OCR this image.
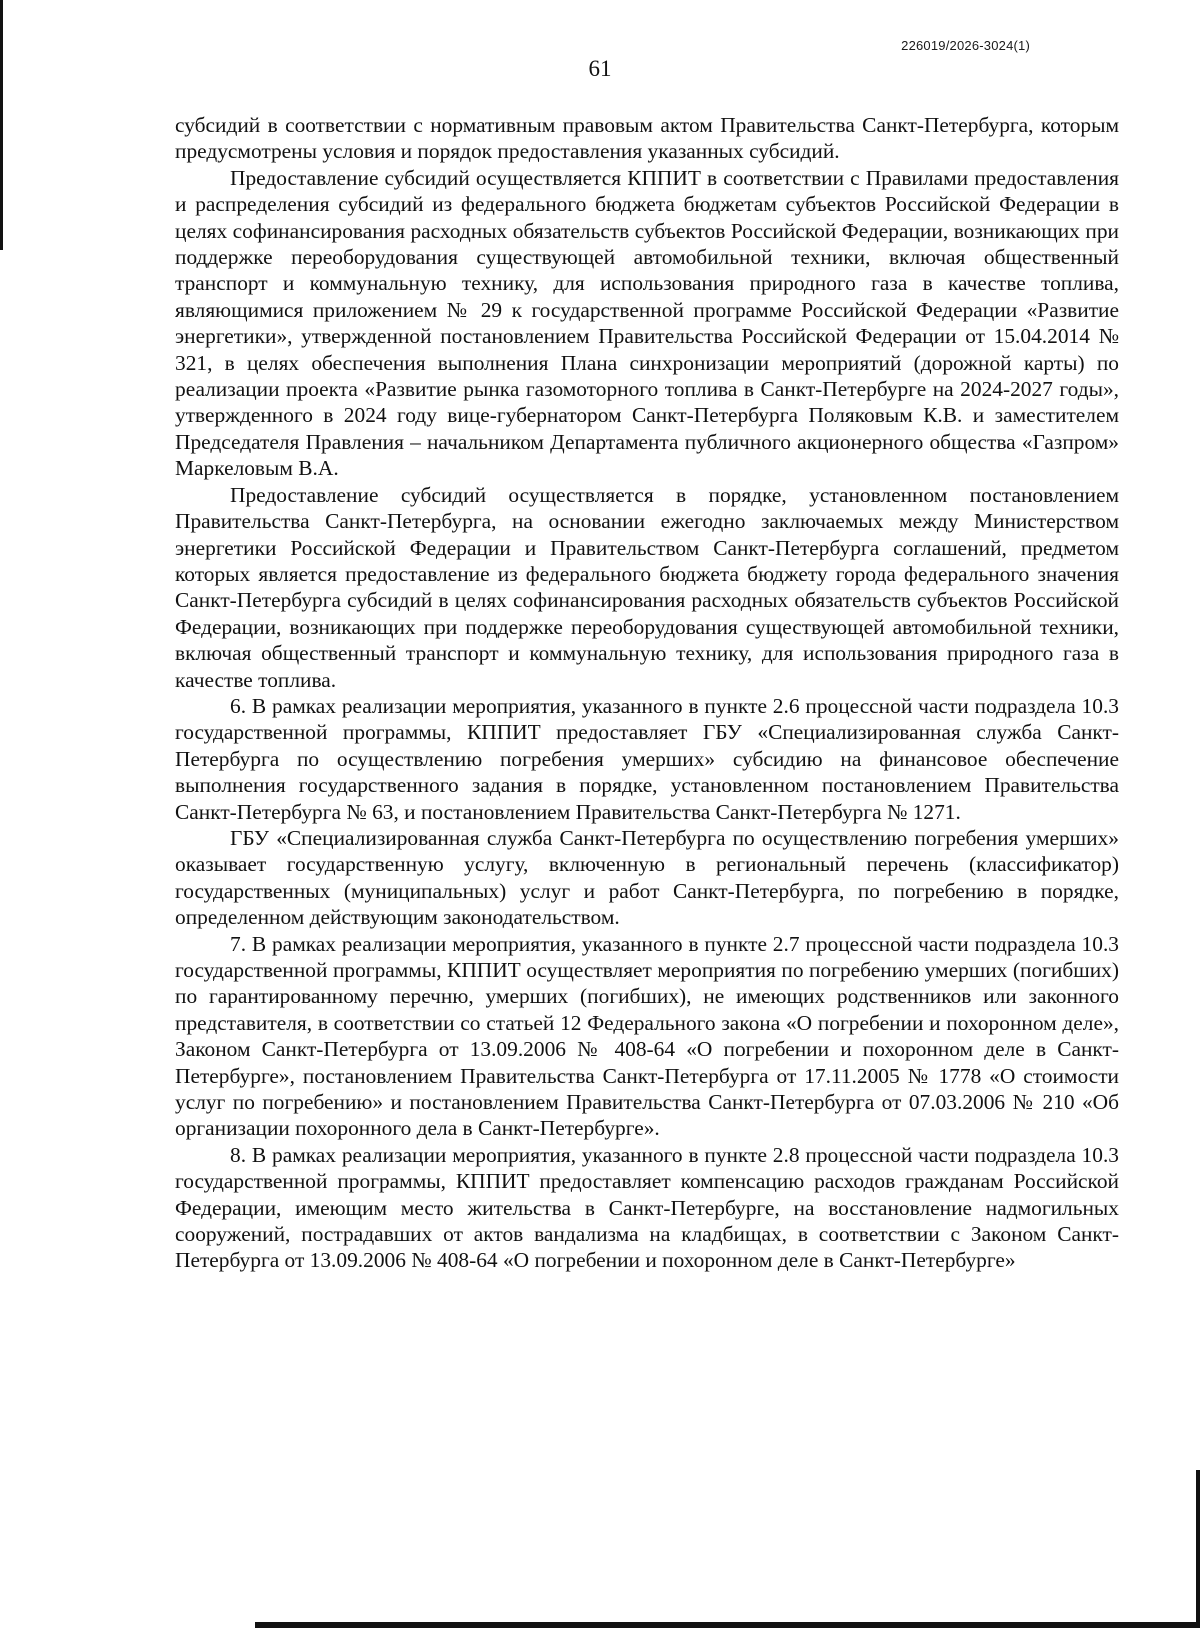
226019/2026-3024(1)
61

субсидий в соответствии с нормативным правовым актом Правительства Санкт-Петербурга, которым предусмотрены условия и порядок предоставления указанных субсидий.

Предоставление субсидий осуществляется КППИТ в соответствии с Правилами предоставления и распределения субсидий из федерального бюджета бюджетам субъектов Российской Федерации в целях софинансирования расходных обязательств субъектов Российской Федерации, возникающих при поддержке переоборудования существующей автомобильной техники, включая общественный транспорт и коммунальную технику, для использования природного газа в качестве топлива, являющимися приложением № 29 к государственной программе Российской Федерации «Развитие энергетики», утвержденной постановлением Правительства Российской Федерации от 15.04.2014 № 321, в целях обеспечения выполнения Плана синхронизации мероприятий (дорожной карты) по реализации проекта «Развитие рынка газомоторного топлива в Санкт-Петербурге на 2024-2027 годы», утвержденного в 2024 году вице-губернатором Санкт-Петербурга Поляковым К.В. и заместителем Председателя Правления – начальником Департамента публичного акционерного общества «Газпром» Маркеловым В.А.

Предоставление субсидий осуществляется в порядке, установленном постановлением Правительства Санкт-Петербурга, на основании ежегодно заключаемых между Министерством энергетики Российской Федерации и Правительством Санкт-Петербурга соглашений, предметом которых является предоставление из федерального бюджета бюджету города федерального значения Санкт-Петербурга субсидий в целях софинансирования расходных обязательств субъектов Российской Федерации, возникающих при поддержке переоборудования существующей автомобильной техники, включая общественный транспорт и коммунальную технику, для использования природного газа в качестве топлива.

6. В рамках реализации мероприятия, указанного в пункте 2.6 процессной части подраздела 10.3 государственной программы, КППИТ предоставляет ГБУ «Специализированная служба Санкт-Петербурга по осуществлению погребения умерших» субсидию на финансовое обеспечение выполнения государственного задания в порядке, установленном постановлением Правительства Санкт-Петербурга № 63, и постановлением Правительства Санкт-Петербурга № 1271.

ГБУ «Специализированная служба Санкт-Петербурга по осуществлению погребения умерших» оказывает государственную услугу, включенную в региональный перечень (классификатор) государственных (муниципальных) услуг и работ Санкт-Петербурга, по погребению в порядке, определенном действующим законодательством.

7. В рамках реализации мероприятия, указанного в пункте 2.7 процессной части подраздела 10.3 государственной программы, КППИТ осуществляет мероприятия по погребению умерших (погибших) по гарантированному перечню, умерших (погибших), не имеющих родственников или законного представителя, в соответствии со статьей 12 Федерального закона «О погребении и похоронном деле», Законом Санкт-Петербурга от 13.09.2006 № 408-64 «О погребении и похоронном деле в Санкт-Петербурге», постановлением Правительства Санкт-Петербурга от 17.11.2005 № 1778 «О стоимости услуг по погребению» и постановлением Правительства Санкт-Петербурга от 07.03.2006 № 210 «Об организации похоронного дела в Санкт-Петербурге».

8. В рамках реализации мероприятия, указанного в пункте 2.8 процессной части подраздела 10.3 государственной программы, КППИТ предоставляет компенсацию расходов гражданам Российской Федерации, имеющим место жительства в Санкт-Петербурге, на восстановление надмогильных сооружений, пострадавших от актов вандализма на кладбищах, в соответствии с Законом Санкт-Петербурга от 13.09.2006 № 408-64 «О погребении и похоронном деле в Санкт-Петербурге»
